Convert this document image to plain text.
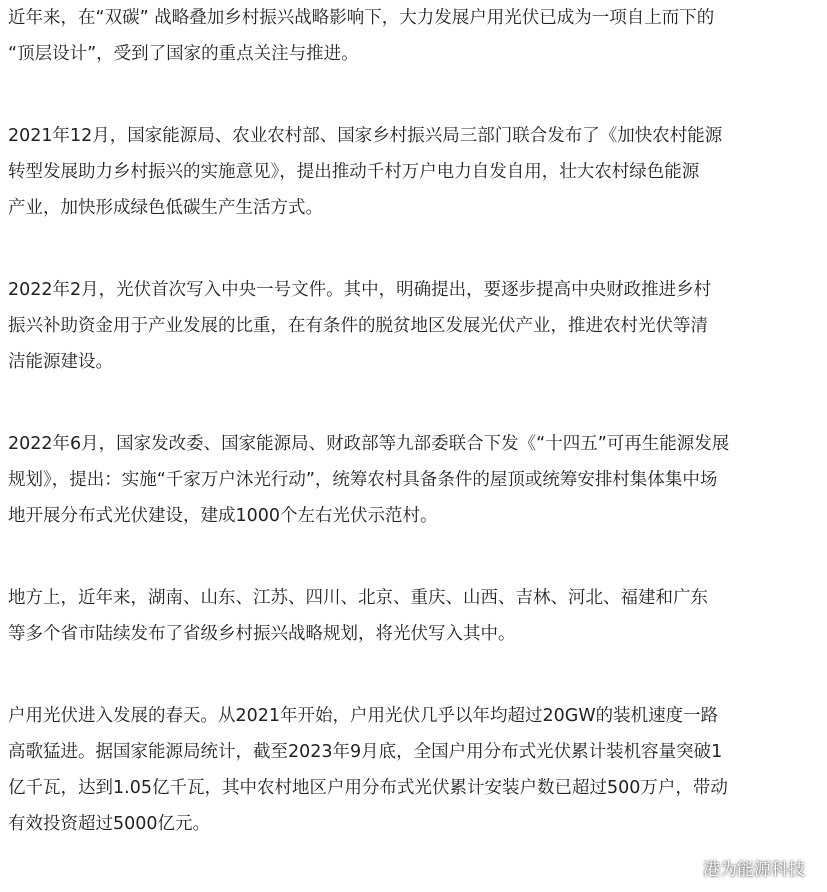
近年来，在“双碳” 战略叠加乡村振兴战略影响下，大力发展户用光伏已成为一项自上而下的
“顶层设计”，受到了国家的重点关注与推进。

2021年12月，国家能源局、农业农村部、国家乡村振兴局三部门联合发布了《加快农村能源
转型发展助力乡村振兴的实施意见》，提出推动千村万户电力自发自用，壮大农村绿色能源
产业，加快形成绿色低碳生产生活方式。

2022年2月，光伏首次写入中央一号文件。其中，明确提出，要逐步提高中央财政推进乡村
振兴补助资金用于产业发展的比重，在有条件的脱贫地区发展光伏产业，推进农村光伏等清
洁能源建设。

2022年6月，国家发改委、国家能源局、财政部等九部委联合下发《“十四五”可再生能源发展
规划》，提出：实施“千家万户沐光行动”，统筹农村具备条件的屋顶或统筹安排村集体集中场
地开展分布式光伏建设，建成1000个左右光伏示范村。

地方上，近年来，湖南、山东、江苏、四川、北京、重庆、山西、吉林、河北、福建和广东
等多个省市陆续发布了省级乡村振兴战略规划，将光伏写入其中。

户用光伏进入发展的春天。从2021年开始，户用光伏几乎以年均超过20GW的装机速度一路
高歌猛进。据国家能源局统计，截至2023年9月底，全国户用分布式光伏累计装机容量突破1
亿千瓦，达到1.05亿千瓦，其中农村地区户用分布式光伏累计安装户数已超过500万户，带动
有效投资超过5000亿元。

港为能源科技
